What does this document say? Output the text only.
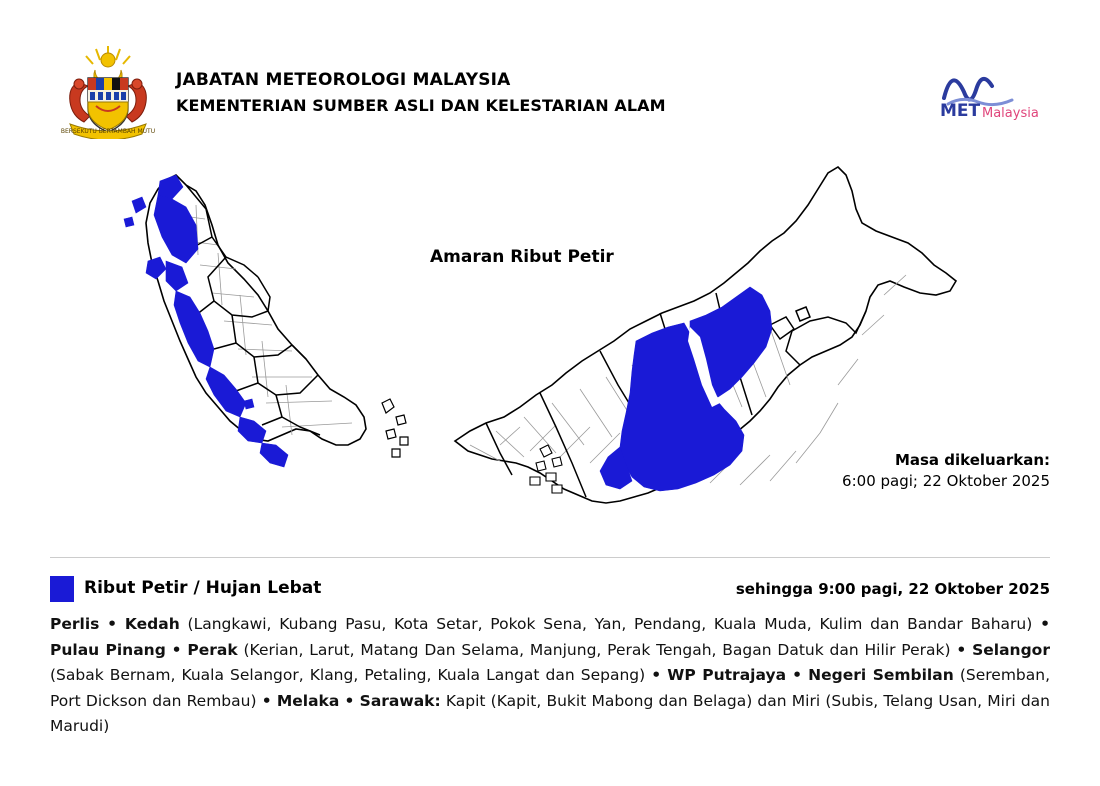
BERSEKUTU BERTAMBAH MUTU
JABATAN METEOROLOGI MALAYSIA
KEMENTERIAN SUMBER ASLI DAN KELESTARIAN ALAM	MET Malaysia
Amaran Ribut Petir
Masa dikeluarkan:
6:00 pagi; 22 Oktober 2025
Ribut Petir / Hujan Lebat	sehingga 9:00 pagi, 22 Oktober 2025
Perlis • Kedah (Langkawi, Kubang Pasu, Kota Setar, Pokok Sena, Yan, Pendang, Kuala Muda, Kulim dan Bandar Baharu) • Pulau Pinang • Perak (Kerian, Larut, Matang Dan Selama, Manjung, Perak Tengah, Bagan Datuk dan Hilir Perak) • Selangor (Sabak Bernam, Kuala Selangor, Klang, Petaling, Kuala Langat dan Sepang) • WP Putrajaya • Negeri Sembilan (Seremban, Port Dickson dan Rembau) • Melaka • Sarawak: Kapit (Kapit, Bukit Mabong dan Belaga) dan Miri (Subis, Telang Usan, Miri dan Marudi)
